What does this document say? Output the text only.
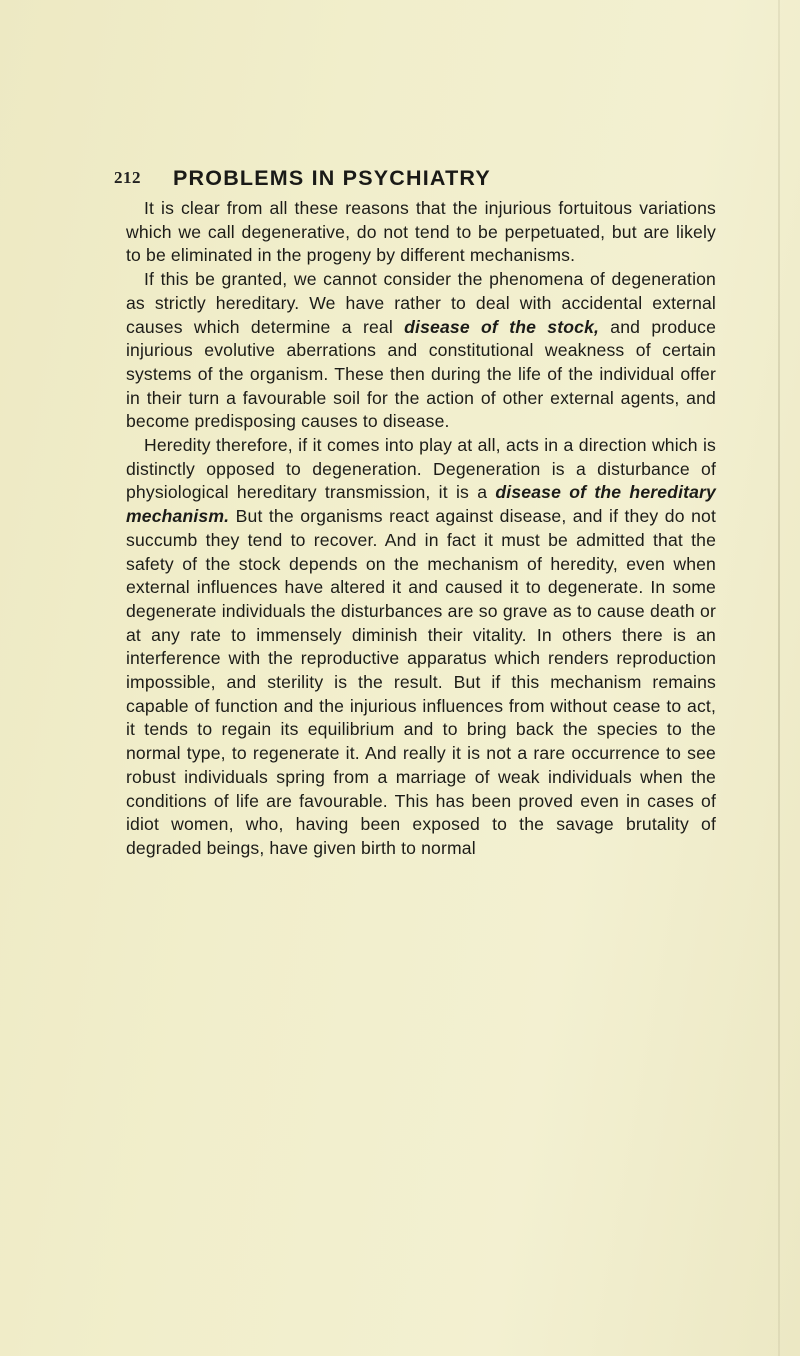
212 PROBLEMS IN PSYCHIATRY

It is clear from all these reasons that the injurious fortuitous variations which we call degenerative, do not tend to be perpetuated, but are likely to be eliminated in the progeny by different mechanisms.

If this be granted, we cannot consider the phenomena of degeneration as strictly hereditary. We have rather to deal with accidental external causes which determine a real disease of the stock, and produce injurious evolutive aberrations and constitutional weakness of certain systems of the organism. These then during the life of the individual offer in their turn a favourable soil for the action of other external agents, and become predisposing causes to disease.

Heredity therefore, if it comes into play at all, acts in a direction which is distinctly opposed to degeneration. Degeneration is a disturbance of physiological hereditary transmission, it is a disease of the hereditary mechanism. But the organisms react against disease, and if they do not succumb they tend to recover. And in fact it must be admitted that the safety of the stock depends on the mechanism of heredity, even when external influences have altered it and caused it to degenerate. In some degenerate individuals the disturbances are so grave as to cause death or at any rate to immensely diminish their vitality. In others there is an interference with the reproductive apparatus which renders reproduction impossible, and sterility is the result. But if this mechanism remains capable of function and the injurious influences from without cease to act, it tends to regain its equilibrium and to bring back the species to the normal type, to regenerate it. And really it is not a rare occurrence to see robust individuals spring from a marriage of weak individuals when the conditions of life are favourable. This has been proved even in cases of idiot women, who, having been exposed to the savage brutality of degraded beings, have given birth to normal
